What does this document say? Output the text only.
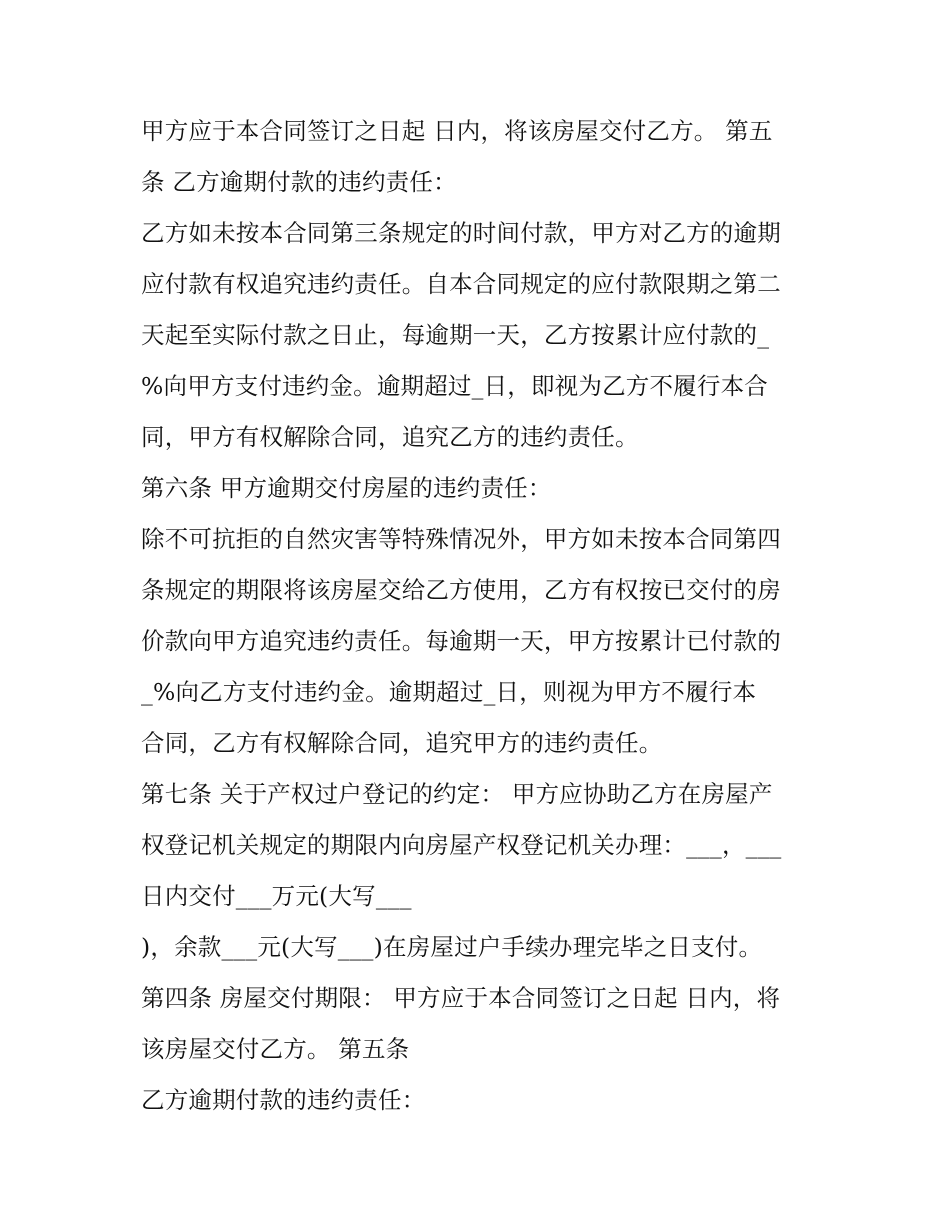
甲方应于本合同签订之日起 日内，将该房屋交付乙方。 第五
条 乙方逾期付款的违约责任：
乙方如未按本合同第三条规定的时间付款，甲方对乙方的逾期
应付款有权追究违约责任。自本合同规定的应付款限期之第二
天起至实际付款之日止，每逾期一天，乙方按累计应付款的_
%向甲方支付违约金。逾期超过_日，即视为乙方不履行本合
同，甲方有权解除合同，追究乙方的违约责任。
第六条 甲方逾期交付房屋的违约责任：
除不可抗拒的自然灾害等特殊情况外，甲方如未按本合同第四
条规定的期限将该房屋交给乙方使用，乙方有权按已交付的房
价款向甲方追究违约责任。每逾期一天，甲方按累计已付款的
_%向乙方支付违约金。逾期超过_日，则视为甲方不履行本
合同，乙方有权解除合同，追究甲方的违约责任。
第七条 关于产权过户登记的约定： 甲方应协助乙方在房屋产
权登记机关规定的期限内向房屋产权登记机关办理：___，___
日内交付___万元(大写___
)，余款___元(大写___)在房屋过户手续办理完毕之日支付。
第四条 房屋交付期限： 甲方应于本合同签订之日起 日内，将
该房屋交付乙方。 第五条
乙方逾期付款的违约责任：
